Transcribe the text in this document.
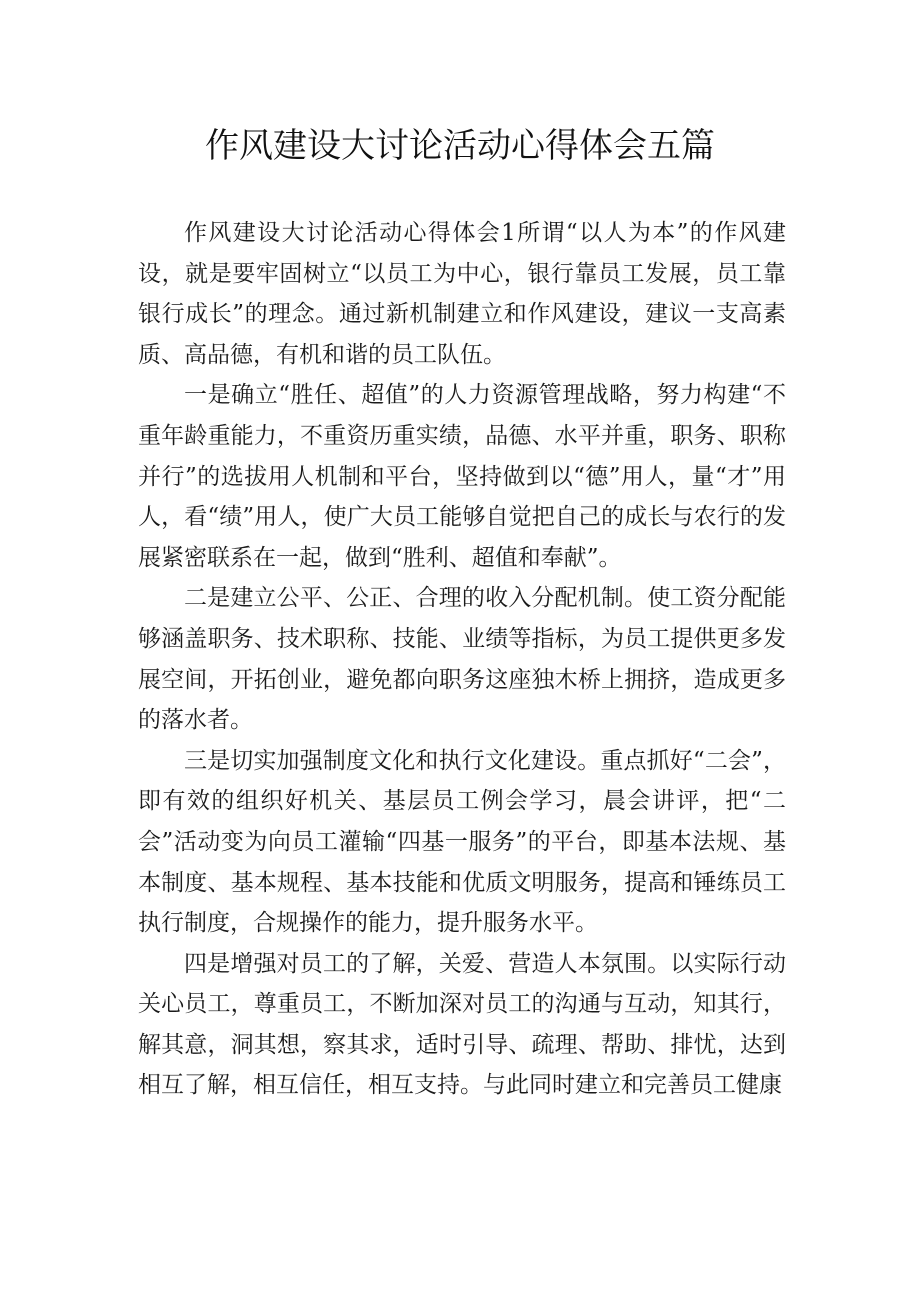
作风建设大讨论活动心得体会五篇

作风建设大讨论活动心得体会1所谓“以人为本”的作风建设，就是要牢固树立“以员工为中心，银行靠员工发展，员工靠银行成长”的理念。通过新机制建立和作风建设，建议一支高素质、高品德，有机和谐的员工队伍。

一是确立“胜任、超值”的人力资源管理战略，努力构建“不重年龄重能力，不重资历重实绩，品德、水平并重，职务、职称并行”的选拔用人机制和平台，坚持做到以“德”用人，量“才”用人，看“绩”用人，使广大员工能够自觉把自己的成长与农行的发展紧密联系在一起，做到“胜利、超值和奉献”。

二是建立公平、公正、合理的收入分配机制。使工资分配能够涵盖职务、技术职称、技能、业绩等指标，为员工提供更多发展空间，开拓创业，避免都向职务这座独木桥上拥挤，造成更多的落水者。

三是切实加强制度文化和执行文化建设。重点抓好“二会”，即有效的组织好机关、基层员工例会学习，晨会讲评，把“二会”活动变为向员工灌输“四基一服务”的平台，即基本法规、基本制度、基本规程、基本技能和优质文明服务，提高和锤练员工执行制度，合规操作的能力，提升服务水平。

四是增强对员工的了解，关爱、营造人本氛围。以实际行动关心员工，尊重员工，不断加深对员工的沟通与互动，知其行，解其意，洞其想，察其求，适时引导、疏理、帮助、排忧，达到相互了解，相互信任，相互支持。与此同时建立和完善员工健康
